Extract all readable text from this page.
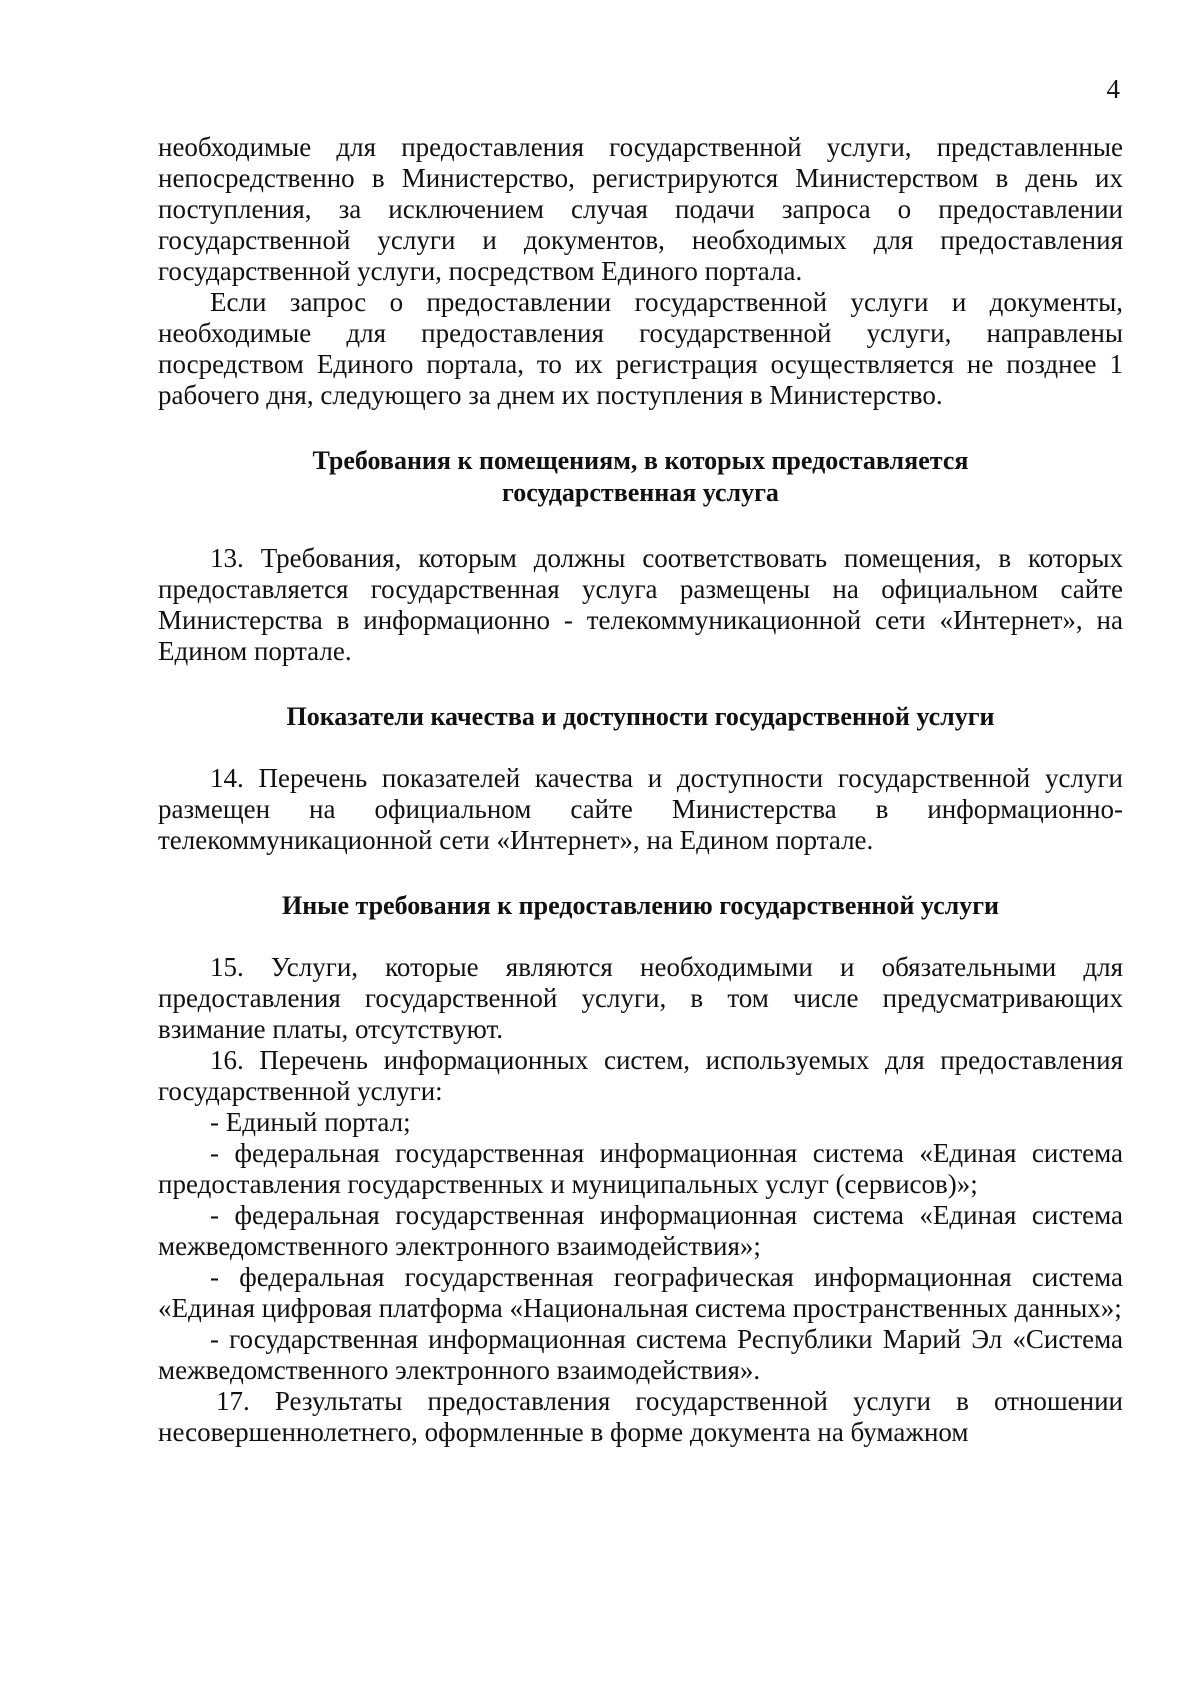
4

необходимые для предоставления государственной услуги, представленные непосредственно в Министерство, регистрируются Министерством в день их поступления, за исключением случая подачи запроса о предоставлении государственной услуги и документов, необходимых для предоставления государственной услуги, посредством Единого портала.

Если запрос о предоставлении государственной услуги и документы, необходимые для предоставления государственной услуги, направлены посредством Единого портала, то их регистрация осуществляется не позднее 1 рабочего дня, следующего за днем их поступления в Министерство.

Требования к помещениям, в которых предоставляется

государственная услуга

13. Требования, которым должны соответствовать помещения, в которых предоставляется государственная услуга размещены на официальном сайте Министерства в информационно - телекоммуникационной сети «Интернет», на Едином портале.

Показатели качества и доступности государственной услуги

14. Перечень показателей качества и доступности государственной услуги размещен на официальном сайте Министерства в информационно-телекоммуникационной сети «Интернет», на Едином портале.

Иные требования к предоставлению государственной услуги

15. Услуги, которые являются необходимыми и обязательными для предоставления государственной услуги, в том числе предусматривающих взимание платы, отсутствуют.

16. Перечень информационных систем, используемых для предоставления государственной услуги:

- Единый портал;

- федеральная государственная информационная система «Единая система предоставления государственных и муниципальных услуг (сервисов)»;

- федеральная государственная информационная система «Единая система межведомственного электронного взаимодействия»;

- федеральная государственная географическая информационная система «Единая цифровая платформа «Национальная система пространственных данных»;

- государственная информационная система Республики Марий Эл «Система межведомственного электронного взаимодействия».

17. Результаты предоставления государственной услуги в отношении несовершеннолетнего, оформленные в форме документа на бумажном
